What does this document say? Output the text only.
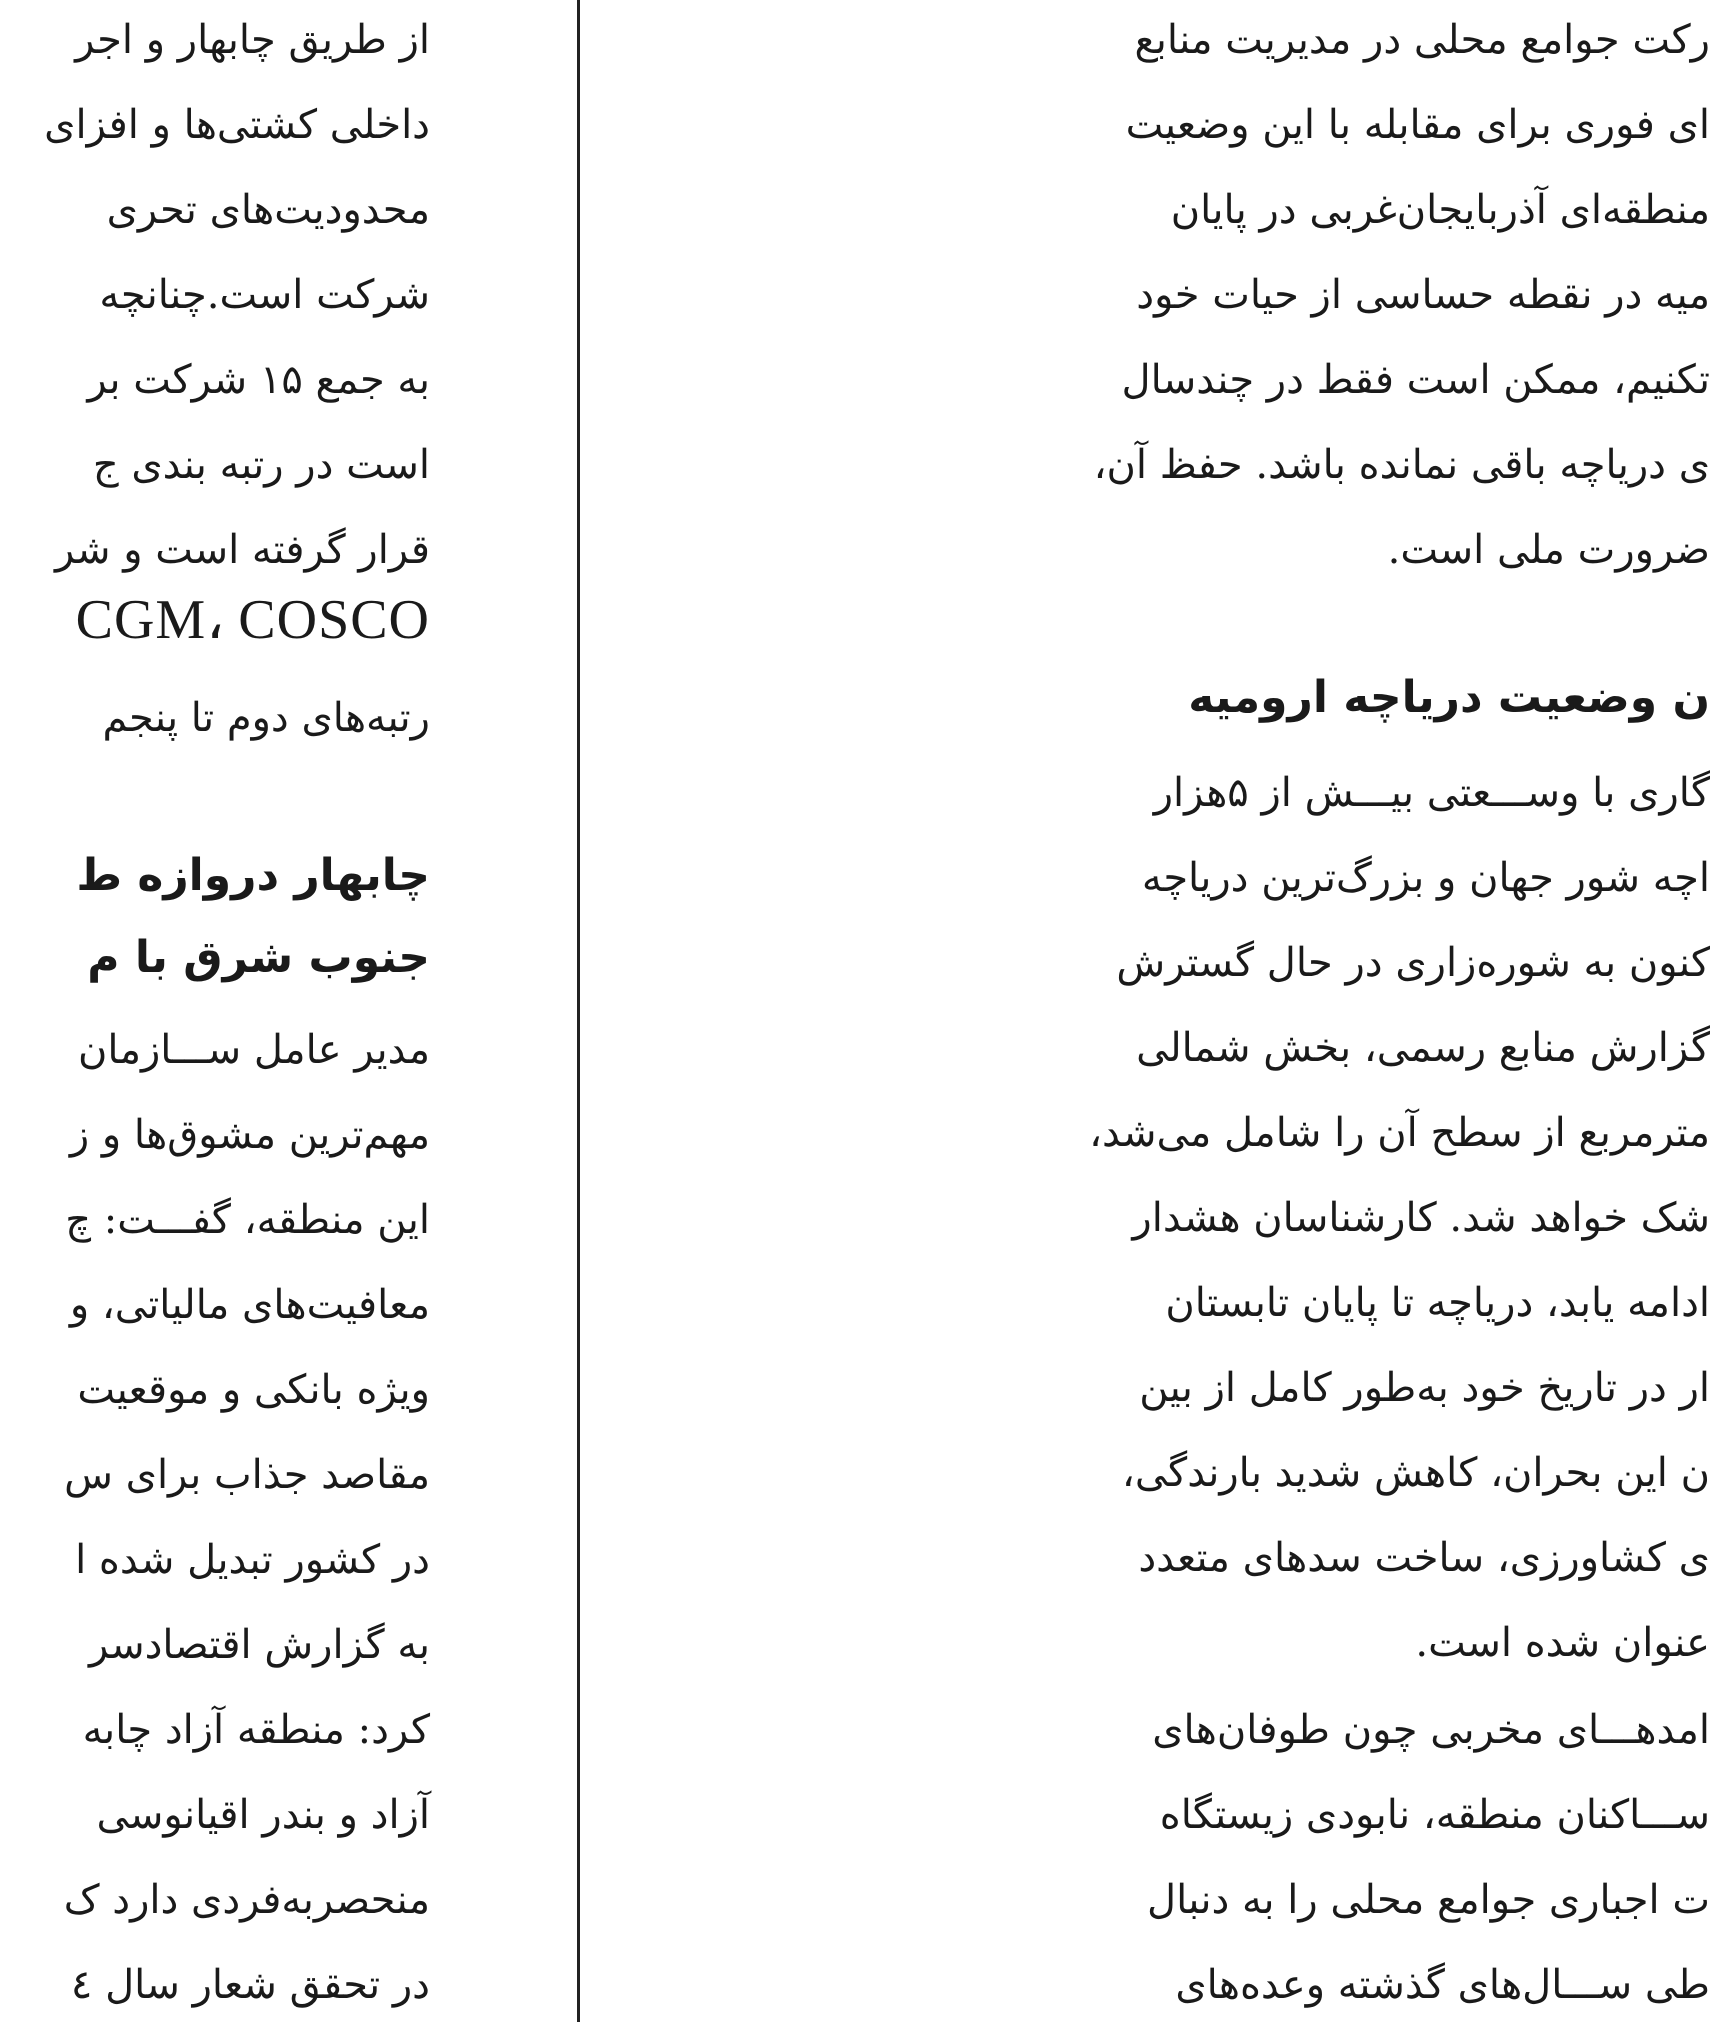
از طریق چابهار و اجر
داخلی کشتی‌ها و افزای
محدودیت‌های تحری
شرکت است.چنانچه
به جمع ۱۵ شرکت بر
است در رتبه بندی ج
قرار گرفته است و شر
CGM، COSCO
رتبه‌های دوم تا پنجم
چابهار دروازه ط
جنوب شرق با م
مدیر عامل ســـازمان
مهم‌ترین مشوق‌ها و ز
این منطقه، گفـــت: چ
معافیت‌های مالیاتی، و
ویژه بانکی و موقعیت
مقاصد جذاب برای س
در کشور تبدیل شده ا
به گزارش اقتصادسر
کرد: منطقه آزاد چابه
آزاد و بندر اقیانوسی
منحصربه‌فردی دارد ک
در تحقق شعار سال ٤
رکت جوامع محلی در مدیریت منابع
ای فوری برای مقابله با این وضعیت
منطقه‌ای آذربایجان‌غربی در پایان
میه در نقطه حساسی از حیات خود
تکنیم، ممکن است فقط در چندسال
ی دریاچه باقی نمانده باشد. حفظ آن،
ضرورت ملی است.
ن وضعیت دریاچه ارومیه
گاری با وســـعتی بیـــش از ۵هزار
اچه شور جهان و بزرگ‌ترین دریاچه
کنون به شوره‌زاری در حال گسترش
گزارش منابع رسمی، بخش شمالی
مترمربع از سطح آن را شامل می‌شد،
شک خواهد شد. کارشناسان هشدار
ادامه یابد، دریاچه تا پایان تابستان
ار در تاریخ خود به‌طور کامل از بین
ن این بحران، کاهش شدید بارندگی،
ی کشاورزی، ساخت سدهای متعدد
عنوان شده است.
امدهـــای مخربی چون طوفان‌های
ســـاکنان منطقه، نابودی زیستگاه
ت اجباری جوامع محلی را به دنبال
طی ســـال‌های گذشته وعده‌های
